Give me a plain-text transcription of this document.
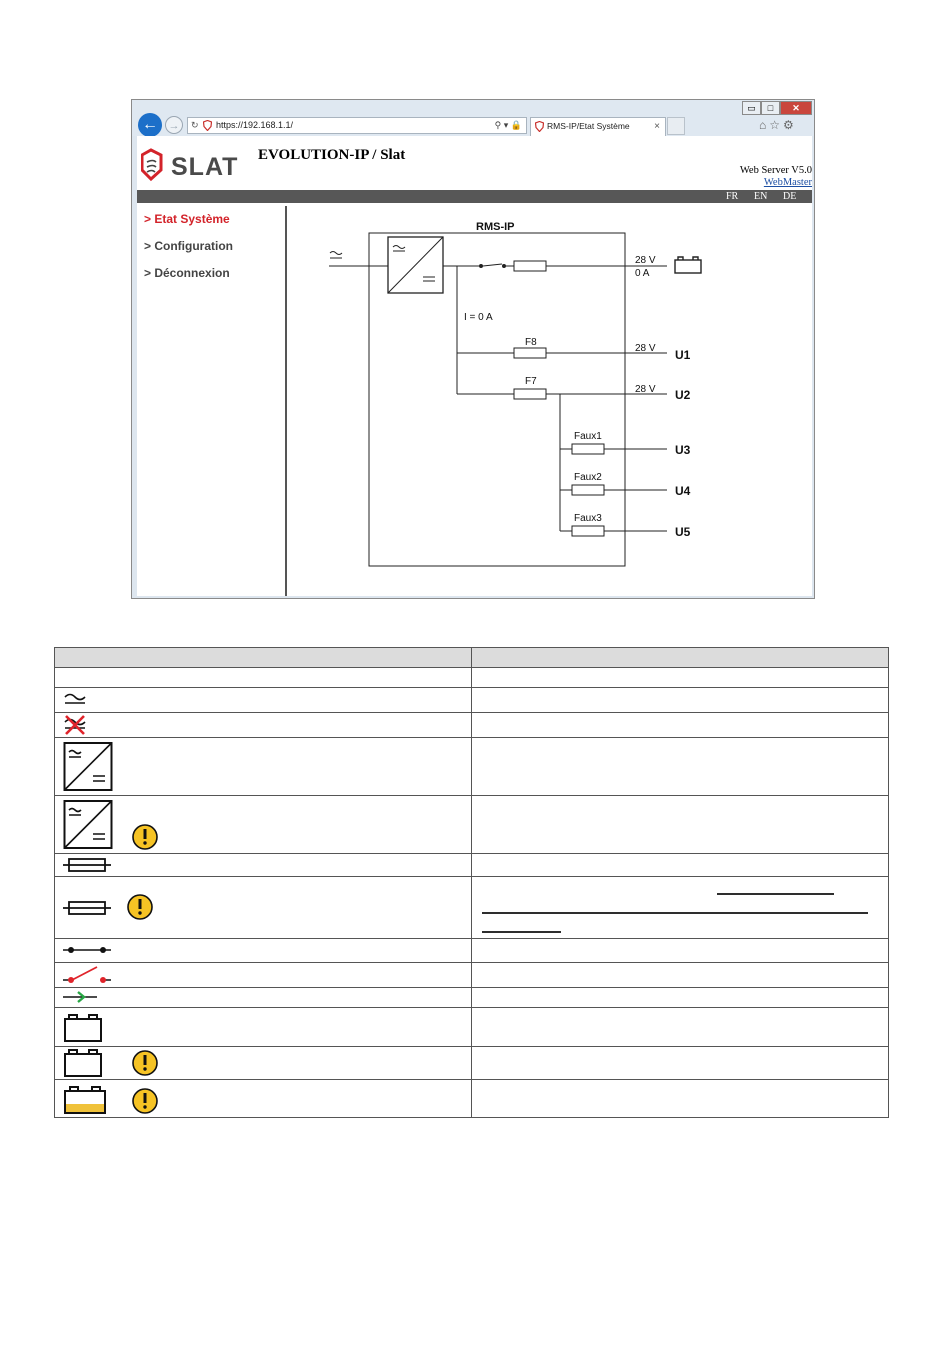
▭	□	✕
← →	↻ https://192.168.1.1/	⚲ ▾ 🔒	RMS-IP/Etat Système ×	⌂☆⚙
SLAT EVOLUTION-IP / Slat
Web Server V5.0
WebMaster
FR EN DE
> Etat Système
> Configuration
> Déconnexion
RMS-IP
28 V
0 A
I = 0 A
F8
28 V
F7
28 V
Faux1
Faux2
Faux3
U1
U2
U3
U4
U5
